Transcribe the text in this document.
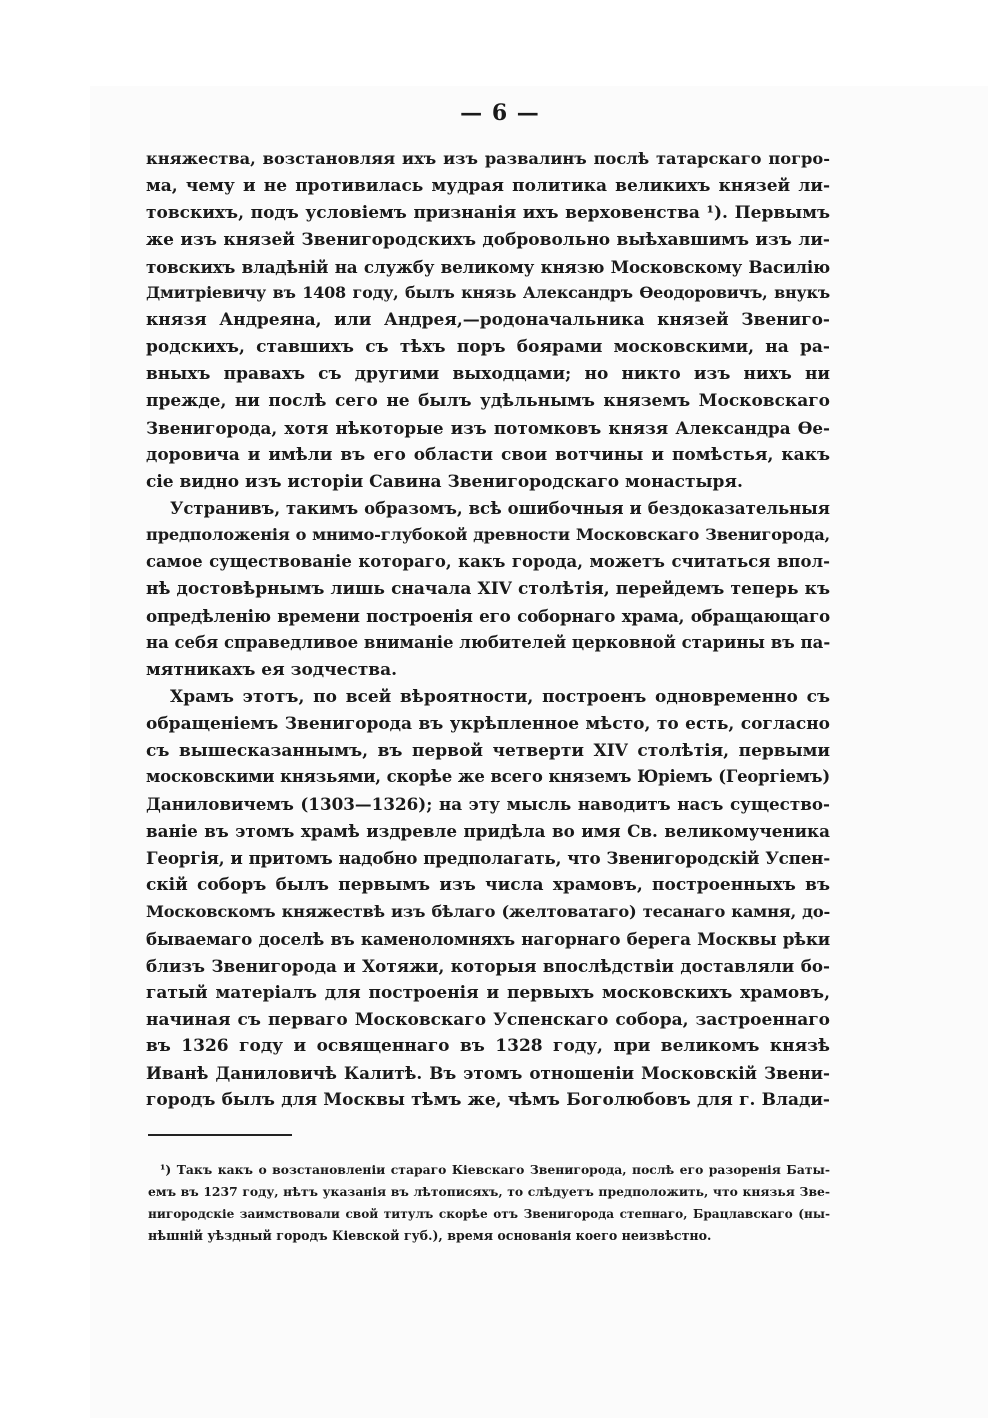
— 6 —
княжества, возстановляя ихъ изъ развалинъ послѣ татарскаго погро-
ма, чему и не противилась мудрая политика великихъ князей ли-
товскихъ, подъ условіемъ признанія ихъ верховенства ¹). Первымъ
же изъ князей Звенигородскихъ добровольно выѣхавшимъ изъ ли-
товскихъ владѣній на службу великому князю Московскому Василію
Дмитріевичу въ 1408 году, былъ князь Александръ Ѳеодоровичъ, внукъ
князя Андреяна, или Андрея,—родоначальника князей Звениго-
родскихъ, ставшихъ съ тѣхъ поръ боярами московскими, на ра-
вныхъ правахъ съ другими выходцами; но никто изъ нихъ ни
прежде, ни послѣ сего не былъ удѣльнымъ княземъ Московскаго
Звенигорода, хотя нѣкоторые изъ потомковъ князя Александра Ѳе-
доровича и имѣли въ его области свои вотчины и помѣстья, какъ
сіе видно изъ исторіи Савина Звенигородскаго монастыря.
Устранивъ, такимъ образомъ, всѣ ошибочныя и бездоказательныя
предположенія о мнимо-глубокой древности Московскаго Звенигорода,
самое существованіе котораго, какъ города, можетъ считаться впол-
нѣ достовѣрнымъ лишь сначала XIV столѣтія, перейдемъ теперь къ
опредѣленію времени построенія его соборнаго храма, обращающаго
на себя справедливое вниманіе любителей церковной старины въ па-
мятникахъ ея зодчества.
Храмъ этотъ, по всей вѣроятности, построенъ одновременно съ
обращеніемъ Звенигорода въ укрѣпленное мѣсто, то есть, согласно
съ вышесказаннымъ, въ первой четверти XIV столѣтія, первыми
московскими князьями, скорѣе же всего княземъ Юріемъ (Георгіемъ)
Даниловичемъ (1303—1326); на эту мысль наводитъ насъ существо-
ваніе въ этомъ храмѣ издревле придѣла во имя Св. великомученика
Георгія, и притомъ надобно предполагать, что Звенигородскій Успен-
скій соборъ былъ первымъ изъ числа храмовъ, построенныхъ въ
Московскомъ княжествѣ изъ бѣлаго (желтоватаго) тесанаго камня, до-
бываемаго доселѣ въ каменоломняхъ нагорнаго берега Москвы рѣки
близъ Звенигорода и Хотяжи, которыя впослѣдствіи доставляли бо-
гатый матеріалъ для построенія и первыхъ московскихъ храмовъ,
начиная съ перваго Московскаго Успенскаго собора, застроеннаго
въ 1326 году и освященнаго въ 1328 году, при великомъ князѣ
Иванѣ Даниловичѣ Калитѣ. Въ этомъ отношеніи Московскій Звени-
городъ былъ для Москвы тѣмъ же, чѣмъ Боголюбовъ для г. Влади-
¹) Такъ какъ о возстановленіи стараго Кіевскаго Звенигорода, послѣ его разоренія Баты-
емъ въ 1237 году, нѣтъ указанія въ лѣтописяхъ, то слѣдуетъ предположить, что князья Зве-
нигородскіе заимствовали свой титулъ скорѣе отъ Звенигорода степнаго, Брацлавскаго (ны-
нѣшній уѣздный городъ Кіевской губ.), время основанія коего неизвѣстно.
